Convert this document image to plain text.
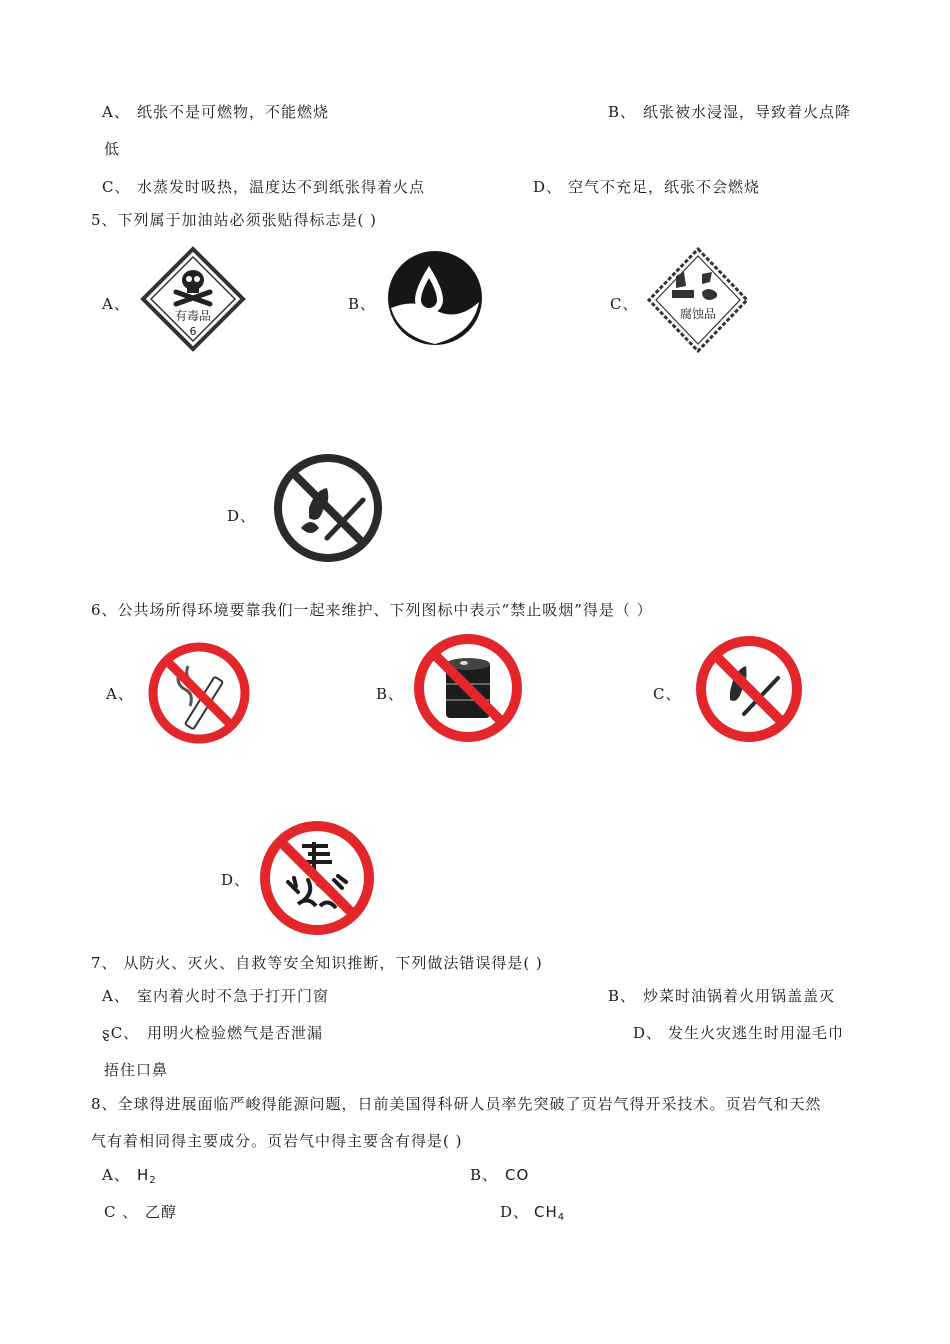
A、 纸张不是可燃物，不能燃烧	B、 纸张被水浸湿，导致着火点降
低
C、 水蒸发时吸热，温度达不到纸张得着火点	D、 空气不充足，纸张不会燃烧
5、下列属于加油站必须张贴得标志是( )
A、
有毒品
6
B、	C、
腐蚀品
D、
6、公共场所得环境要靠我们一起来维护、下列图标中表示“禁止吸烟”得是（ ）
A、	B、	C、
D、
7、 从防火、灭火、自救等安全知识推断，下列做法错误得是( )
A、 室内着火时不急于打开门窗	B、 炒菜时油锅着火用锅盖盖灭
ȿC、 用明火检验燃气是否泄漏	D、 发生火灾逃生时用湿毛巾
捂住口鼻
8、全球得进展面临严峻得能源问题，日前美国得科研人员率先突破了页岩气得开采技术。页岩气和天然
气有着相同得主要成分。页岩气中得主要含有得是( )
A、 $H_2$	B、 CO
C 、 乙醇	D、 $CH_4$
